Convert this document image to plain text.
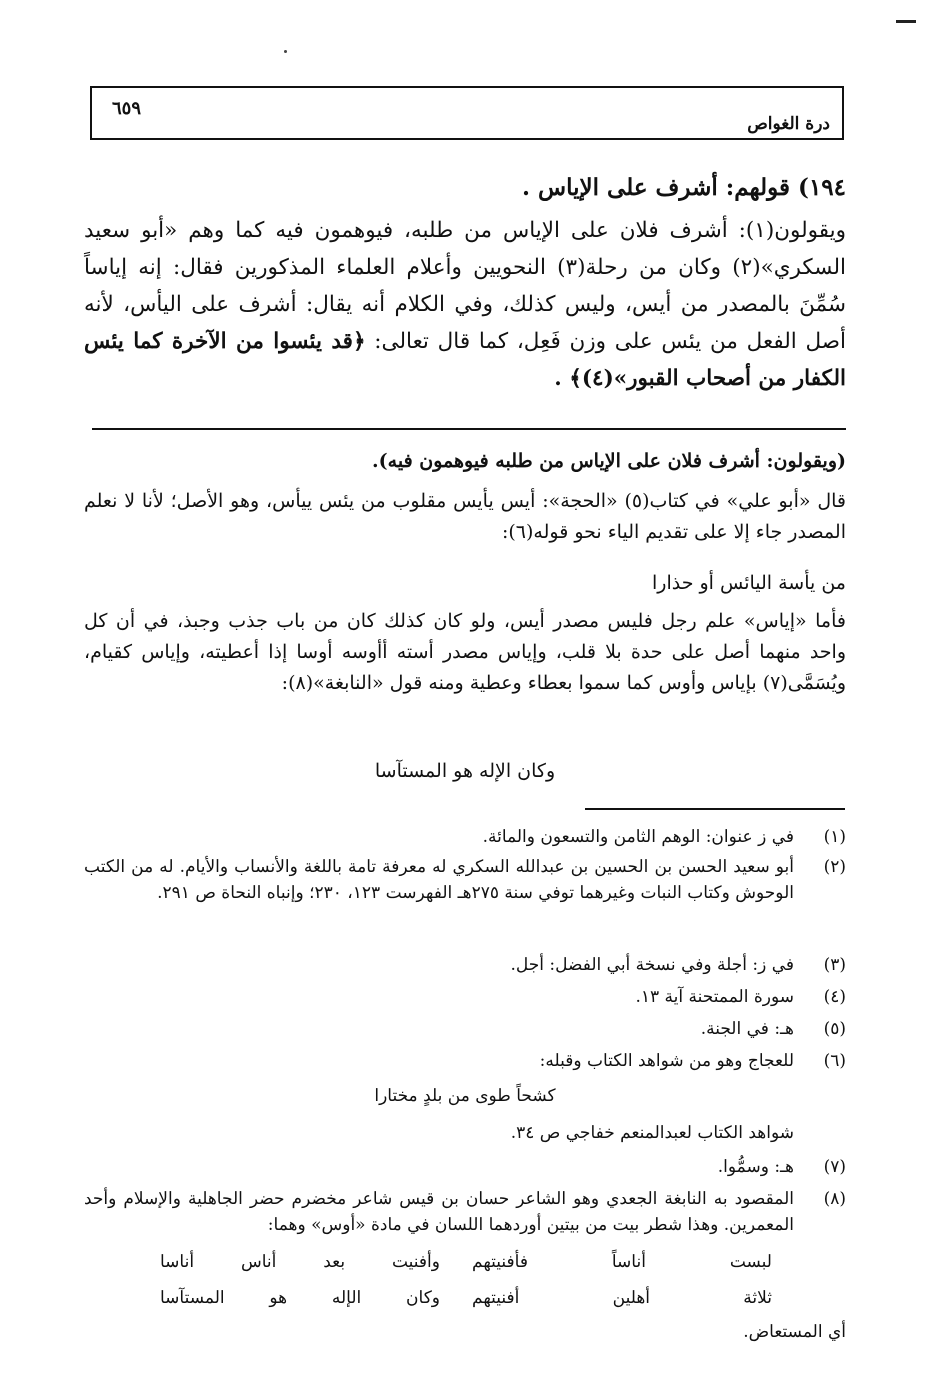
درة الغواص
٦٥٩
١٩٤) قولهم: أشرف على الإياس .
ويقولون(١): أشرف فلان على الإياس من طلبه، فيوهمون فيه كما وهم «أبو سعيد السكري»(٢) وكان من رحلة(٣) النحويين وأعلام العلماء المذكورين فقال: إنه إياساً سُمِّنَ بالمصدر من أيس، وليس كذلك، وفي الكلام أنه يقال: أشرف على اليأس، لأنه أصل الفعل من يئس على وزن فَعِل، كما قال تعالى: ﴿قد يئسوا من الآخرة كما يئس الكفار من أصحاب القبور»(٤)﴾ .
(ويقولون: أشرف فلان على الإياس من طلبه فيوهمون فيه).
قال «أبو علي» في كتاب(٥) «الحجة»: أيس يأيس مقلوب من يئس ييأس، وهو الأصل؛ لأنا لا نعلم المصدر جاء إلا على تقديم الياء نحو قوله(٦):
من يأسة اليائس أو حذارا
فأما «إياس» علم رجل فليس مصدر أيس، ولو كان كذلك كان من باب جذب وجبذ، في أن كل واحد منهما أصل على حدة بلا قلب، وإياس مصدر أسته أأوسه أوسا إذا أعطيته، وإياس كقيام، ويُسَمَّى(٧) بإياس وأوس كما سموا بعطاء وعطية ومنه قول «النابغة»(٨):
وكان الإله هو المستآسا
(١)
في ز عنوان: الوهم الثامن والتسعون والمائة.
(٢)
أبو سعيد الحسن بن الحسين بن عبدالله السكري له معرفة تامة باللغة والأنساب والأيام. له من الكتب الوحوش وكتاب النبات وغيرهما توفي سنة ٢٧٥هـ الفهرست ١٢٣، ٢٣٠؛ وإنباه النحاة ص ٢٩١.
(٣)
في ز: أجلة وفي نسخة أبي الفضل: أجل.
(٤)
سورة الممتحنة آية ١٣.
(٥)
هـ: في الجنة.
(٦)
للعجاج وهو من شواهد الكتاب وقبله:
كشحاً طوى من بلدٍ مختارا
شواهد الكتاب لعبدالمنعم خفاجي ص ٣٤.
(٧)
هـ: وسمُّوا.
(٨)
المقصود به النابغة الجعدي وهو الشاعر حسان بن قيس شاعر مخضرم حضر الجاهلية والإسلام وأحد المعمرين. وهذا شطر بيت من بيتين أوردهما اللسان في مادة «أوس» وهما:
لبست أناساً فأفنيتهم
وأفنيت بعد أناس أناسا
ثلاثة أهلين أفنيتهم
وكان الإله هو المستآسا
أي المستعاض.
